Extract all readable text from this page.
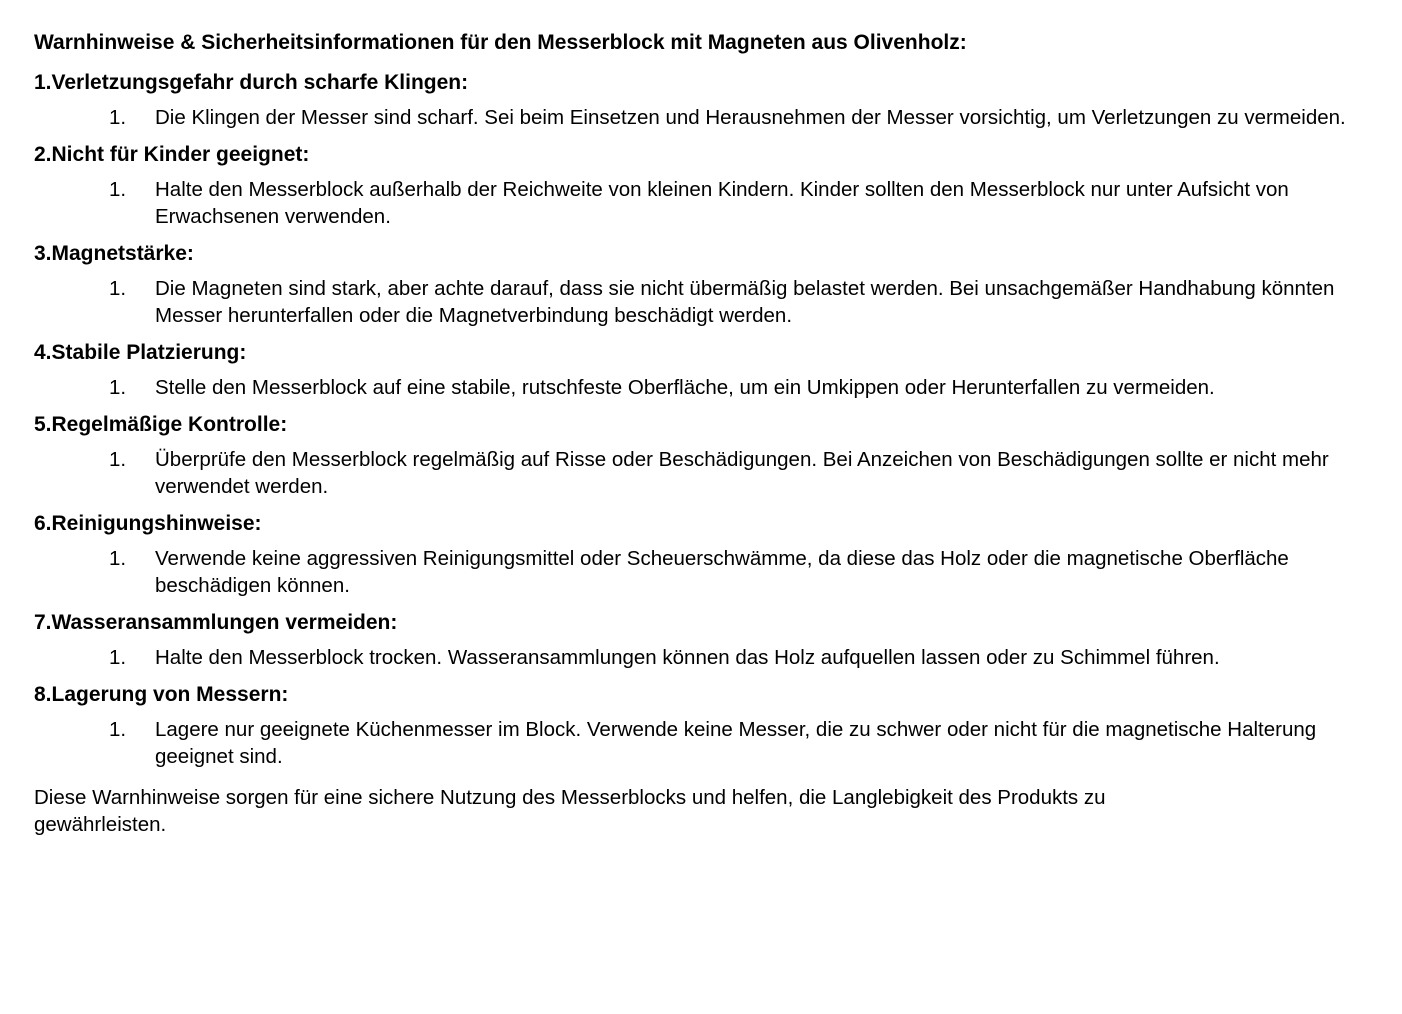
Warnhinweise & Sicherheitsinformationen für den Messerblock mit Magneten aus Olivenholz:
1.Verletzungsgefahr durch scharfe Klingen:
1. Die Klingen der Messer sind scharf. Sei beim Einsetzen und Herausnehmen der Messer vorsichtig, um Verletzungen zu vermeiden.
2.Nicht für Kinder geeignet:
1. Halte den Messerblock außerhalb der Reichweite von kleinen Kindern. Kinder sollten den Messerblock nur unter Aufsicht von Erwachsenen verwenden.
3.Magnetstärke:
1. Die Magneten sind stark, aber achte darauf, dass sie nicht übermäßig belastet werden. Bei unsachgemäßer Handhabung könnten Messer herunterfallen oder die Magnetverbindung beschädigt werden.
4.Stabile Platzierung:
1. Stelle den Messerblock auf eine stabile, rutschfeste Oberfläche, um ein Umkippen oder Herunterfallen zu vermeiden.
5.Regelmäßige Kontrolle:
1. Überprüfe den Messerblock regelmäßig auf Risse oder Beschädigungen. Bei Anzeichen von Beschädigungen sollte er nicht mehr verwendet werden.
6.Reinigungshinweise:
1. Verwende keine aggressiven Reinigungsmittel oder Scheuerschwämme, da diese das Holz oder die magnetische Oberfläche beschädigen können.
7.Wasseransammlungen vermeiden:
1. Halte den Messerblock trocken. Wasseransammlungen können das Holz aufquellen lassen oder zu Schimmel führen.
8.Lagerung von Messern:
1. Lagere nur geeignete Küchenmesser im Block. Verwende keine Messer, die zu schwer oder nicht für die magnetische Halterung geeignet sind.
Diese Warnhinweise sorgen für eine sichere Nutzung des Messerblocks und helfen, die Langlebigkeit des Produkts zu gewährleisten.
